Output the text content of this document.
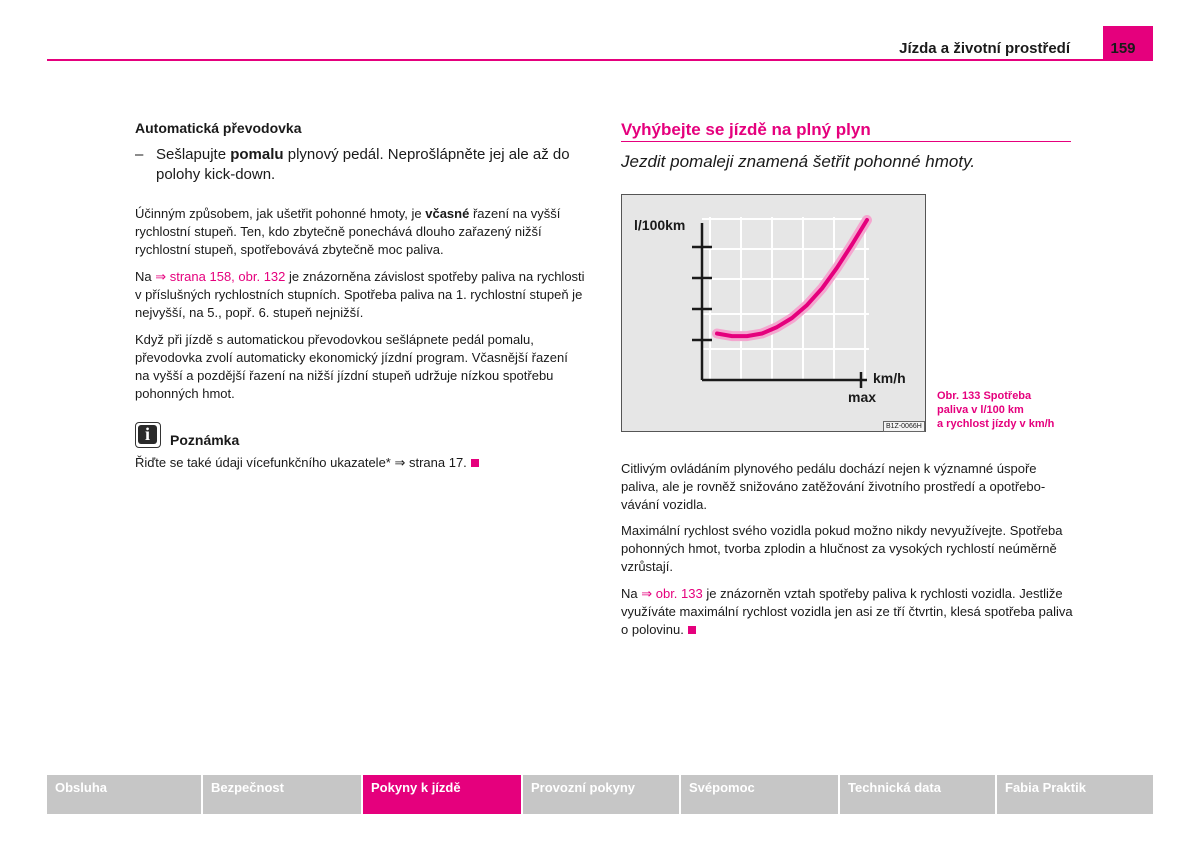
Jízda a životní prostředí	159
Automatická převodovka
– Sešlapujte pomalu plynový pedál. Neprošlápněte jej ale až do polohy kick-down.
Účinným způsobem, jak ušetřit pohonné hmoty, je včasné řazení na vyšší rychlostní stupeň. Ten, kdo zbytečně ponechává dlouho zařazený nižší rychlostní stupeň, spotřebovává zbytečně moc paliva.
Na ⇒ strana 158, obr. 132 je znázorněna závislost spotřeby paliva na rychlosti v příslušných rychlostních stupních. Spotřeba paliva na 1. rychlostní stupeň je nejvyšší, na 5., popř. 6. stupeň nejnižší.
Když při jízdě s automatickou převodovkou sešlápnete pedál pomalu, převodovka zvolí automaticky ekonomický jízdní program. Včasnější řazení na vyšší a pozdější řazení na nižší jízdní stupeň udržuje nízkou spotřebu pohonných hmot.
i	Poznámka
Řiďte se také údaji vícefunkčního ukazatele* ⇒ strana 17.
Vyhýbejte se jízdě na plný plyn
Jezdit pomaleji znamená šetřit pohonné hmoty.
l/100km
km/h
max
B1Z-0066H
Obr. 133 Spotřeba
paliva v l/100 km
a rychlost jízdy v km/h
Citlivým ovládáním plynového pedálu dochází nejen k významné úspoře paliva, ale je rovněž snižováno zatěžování životního prostředí a opotřebo-vávání vozidla.
Maximální rychlost svého vozidla pokud možno nikdy nevyužívejte. Spotřeba pohonných hmot, tvorba zplodin a hlučnost za vysokých rychlostí neúměrně vzrůstají.
Na ⇒ obr. 133 je znázorněn vztah spotřeby paliva k rychlosti vozidla. Jestliže využíváte maximální rychlost vozidla jen asi ze tří čtvrtin, klesá spotřeba paliva o polovinu.
Obsluha	Bezpečnost	Pokyny k jízdě	Provozní pokyny	Svépomoc	Technická data	Fabia Praktik
